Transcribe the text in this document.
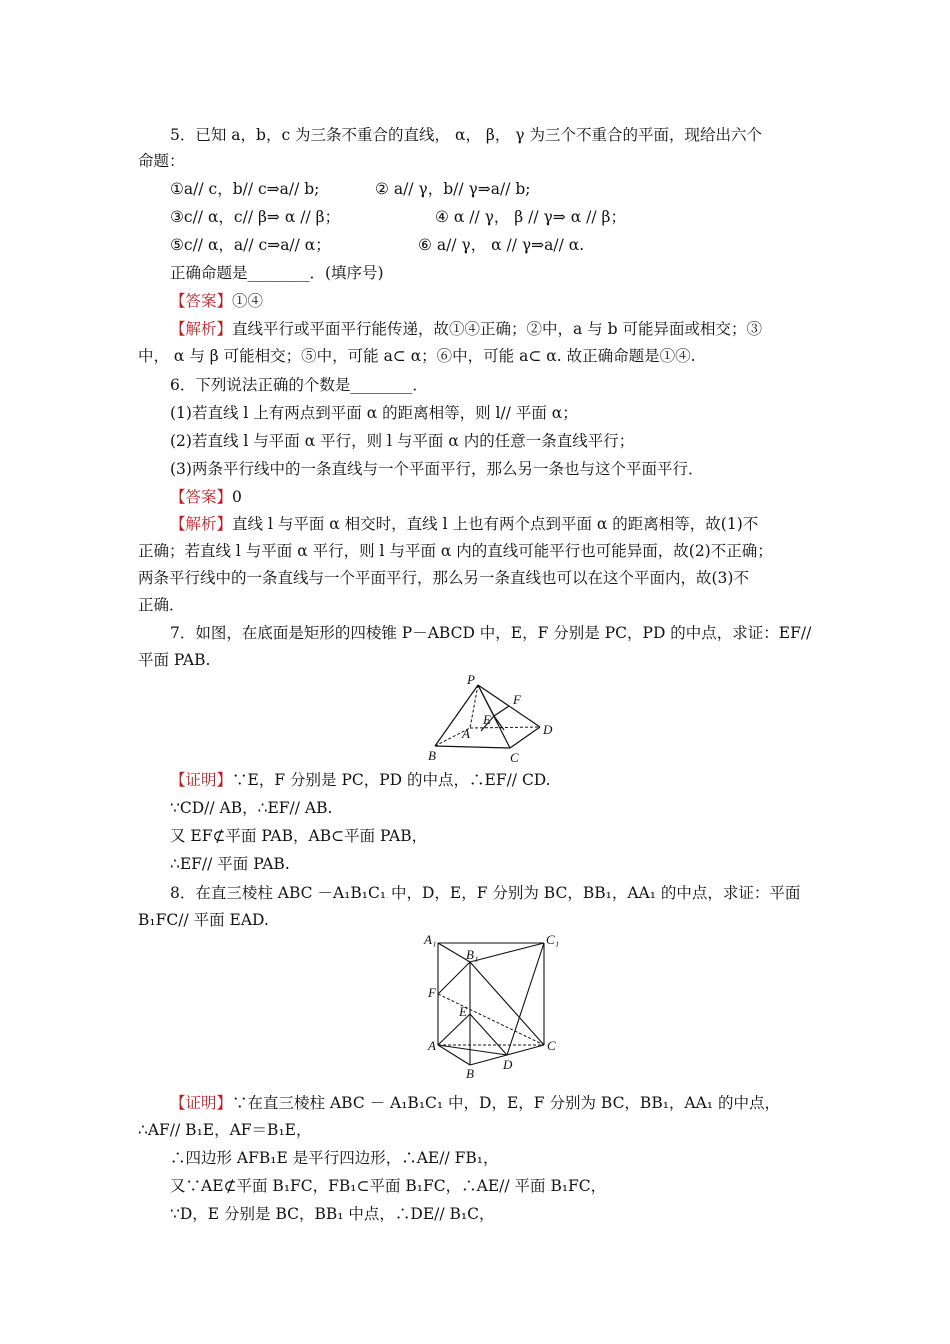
5．已知 a，b，c 为三条不重合的直线， α， β， γ 为三个不重合的平面，现给出六个
命题：
①a// c，b// c⇒a// b;	② a// γ，b// γ⇒a// b;
③c// α，c// β⇒ α // β；	④ α // γ， β // γ⇒ α // β；
⑤c// α，a// c⇒a// α；	⑥ a// γ， α // γ⇒a// α.
正确命题是________．(填序号)
【答案】①④
【解析】直线平行或平面平行能传递，故①④正确；②中，a 与 b 可能异面或相交；③
中， α 与 β 可能相交；⑤中，可能 a⊂ α；⑥中，可能 a⊂ α. 故正确命题是①④.
6．下列说法正确的个数是________．
(1)若直线 l 上有两点到平面 α 的距离相等，则 l// 平面 α；
(2)若直线 l 与平面 α 平行，则 l 与平面 α 内的任意一条直线平行；
(3)两条平行线中的一条直线与一个平面平行，那么另一条也与这个平面平行．
【答案】0
【解析】直线 l 与平面 α 相交时，直线 l 上也有两个点到平面 α 的距离相等，故(1)不
正确；若直线 l 与平面 α 平行，则 l 与平面 α 内的直线可能平行也可能异面，故(2)不正确；
两条平行线中的一条直线与一个平面平行，那么另一条直线也可以在这个平面内，故(3)不
正确．
7．如图，在底面是矩形的四棱锥 P－ABCD 中，E，F 分别是 PC，PD 的中点，求证：EF//
平面 PAB.
P
F
E
A	D
B	C
【证明】∵E，F 分别是 PC，PD 的中点，∴EF// CD.
∵CD// AB，∴EF// AB.
又 EF⊄平面 PAB，AB⊂平面 PAB，
∴EF// 平面 PAB.
8．在直三棱柱 ABC －A₁B₁C₁ 中，D，E，F 分别为 BC，BB₁，AA₁ 的中点，求证：平面
B₁FC// 平面 EAD.
A₁
B₁
C₁
F
E
A	C
B
D
【证明】∵在直三棱柱 ABC － A₁B₁C₁ 中，D，E，F 分别为 BC，BB₁，AA₁ 的中点，
∴AF// B₁E，AF＝B₁E，
∴四边形 AFB₁E 是平行四边形，∴AE// FB₁，
又∵AE⊄平面 B₁FC，FB₁⊂平面 B₁FC，∴AE// 平面 B₁FC，
∵D，E 分别是 BC，BB₁ 中点，∴DE// B₁C，
